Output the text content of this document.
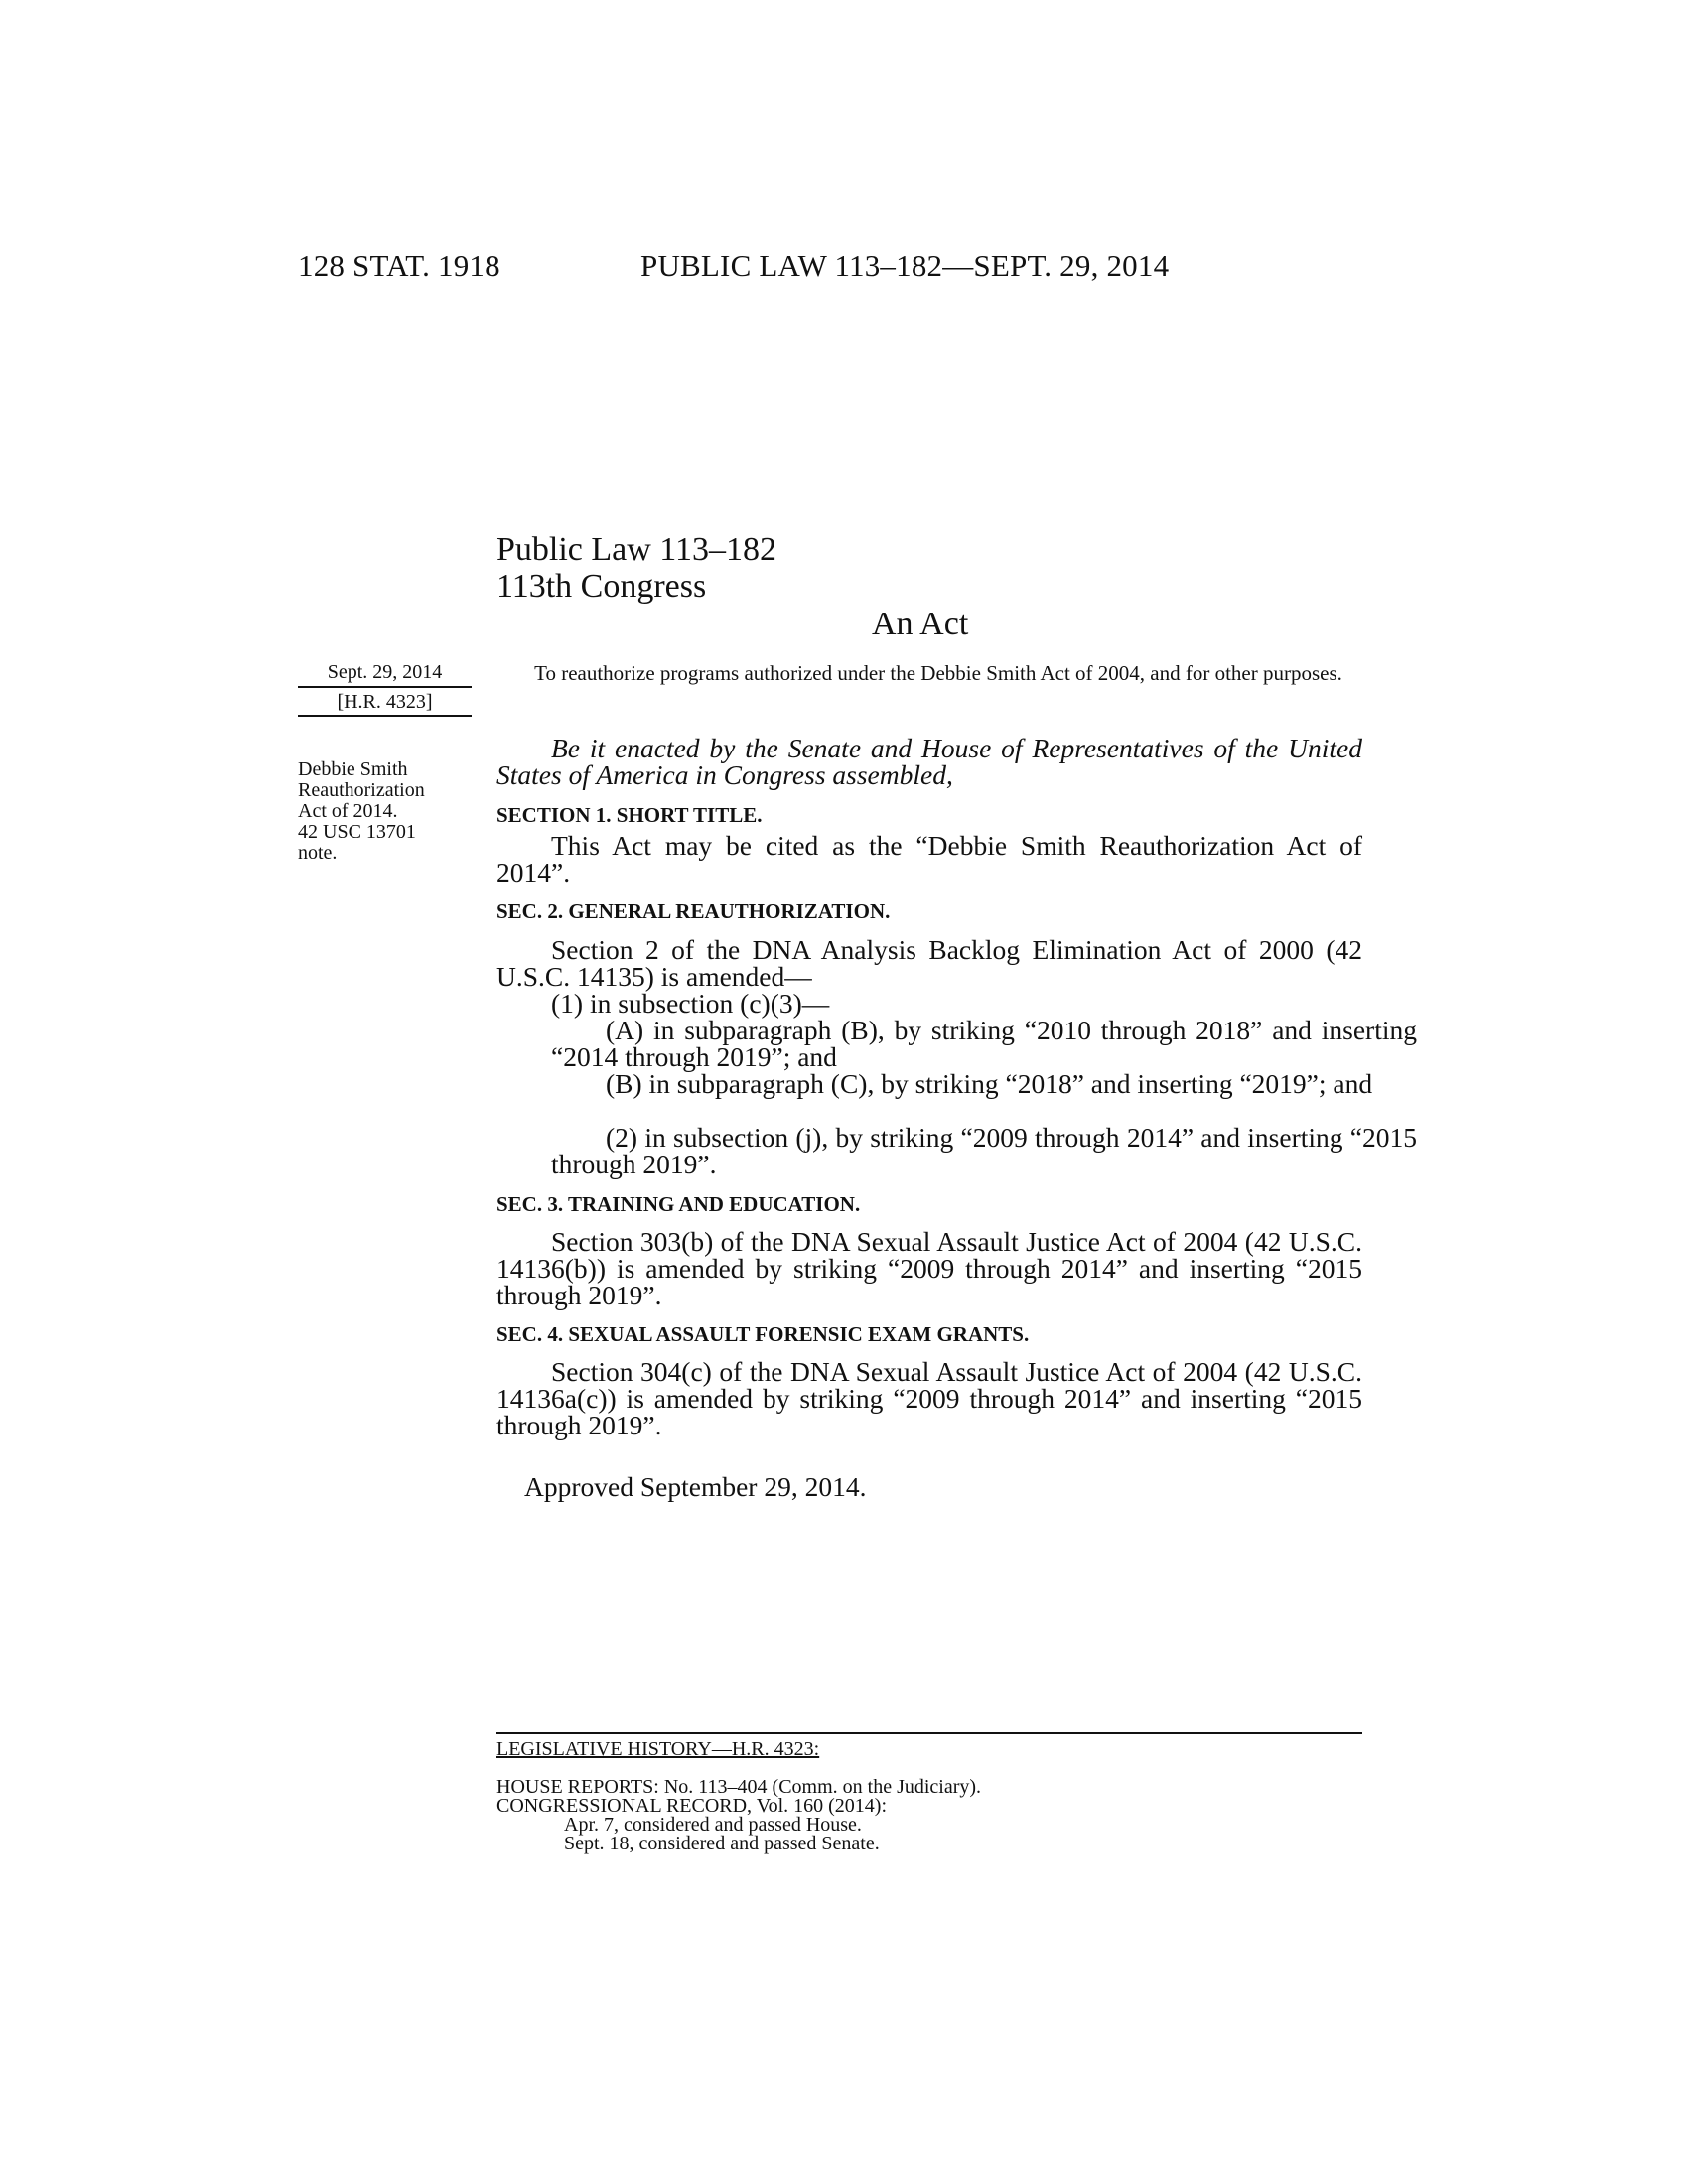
128 STAT. 1918	PUBLIC LAW 113–182—SEPT. 29, 2014
Public Law 113–182
113th Congress
An Act
To reauthorize programs authorized under the Debbie Smith Act of 2004, and for other purposes.
Sept. 29, 2014
[H.R. 4323]
Debbie Smith
Reauthorization
Act of 2014.
42 USC 13701
note.
Be it enacted by the Senate and House of Representatives of the United States of America in Congress assembled,
SECTION 1. SHORT TITLE.
This Act may be cited as the “Debbie Smith Reauthorization Act of 2014”.
SEC. 2. GENERAL REAUTHORIZATION.
Section 2 of the DNA Analysis Backlog Elimination Act of 2000 (42 U.S.C. 14135) is amended—
(1) in subsection (c)(3)—
(A) in subparagraph (B), by striking “2010 through 2018” and inserting “2014 through 2019”; and
(B) in subparagraph (C), by striking “2018” and inserting “2019”; and
(2) in subsection (j), by striking “2009 through 2014” and inserting “2015 through 2019”.
SEC. 3. TRAINING AND EDUCATION.
Section 303(b) of the DNA Sexual Assault Justice Act of 2004 (42 U.S.C. 14136(b)) is amended by striking “2009 through 2014” and inserting “2015 through 2019”.
SEC. 4. SEXUAL ASSAULT FORENSIC EXAM GRANTS.
Section 304(c) of the DNA Sexual Assault Justice Act of 2004 (42 U.S.C. 14136a(c)) is amended by striking “2009 through 2014” and inserting “2015 through 2019”.
Approved September 29, 2014.
LEGISLATIVE HISTORY—H.R. 4323:
HOUSE REPORTS: No. 113–404 (Comm. on the Judiciary).
CONGRESSIONAL RECORD, Vol. 160 (2014):
Apr. 7, considered and passed House.
Sept. 18, considered and passed Senate.
